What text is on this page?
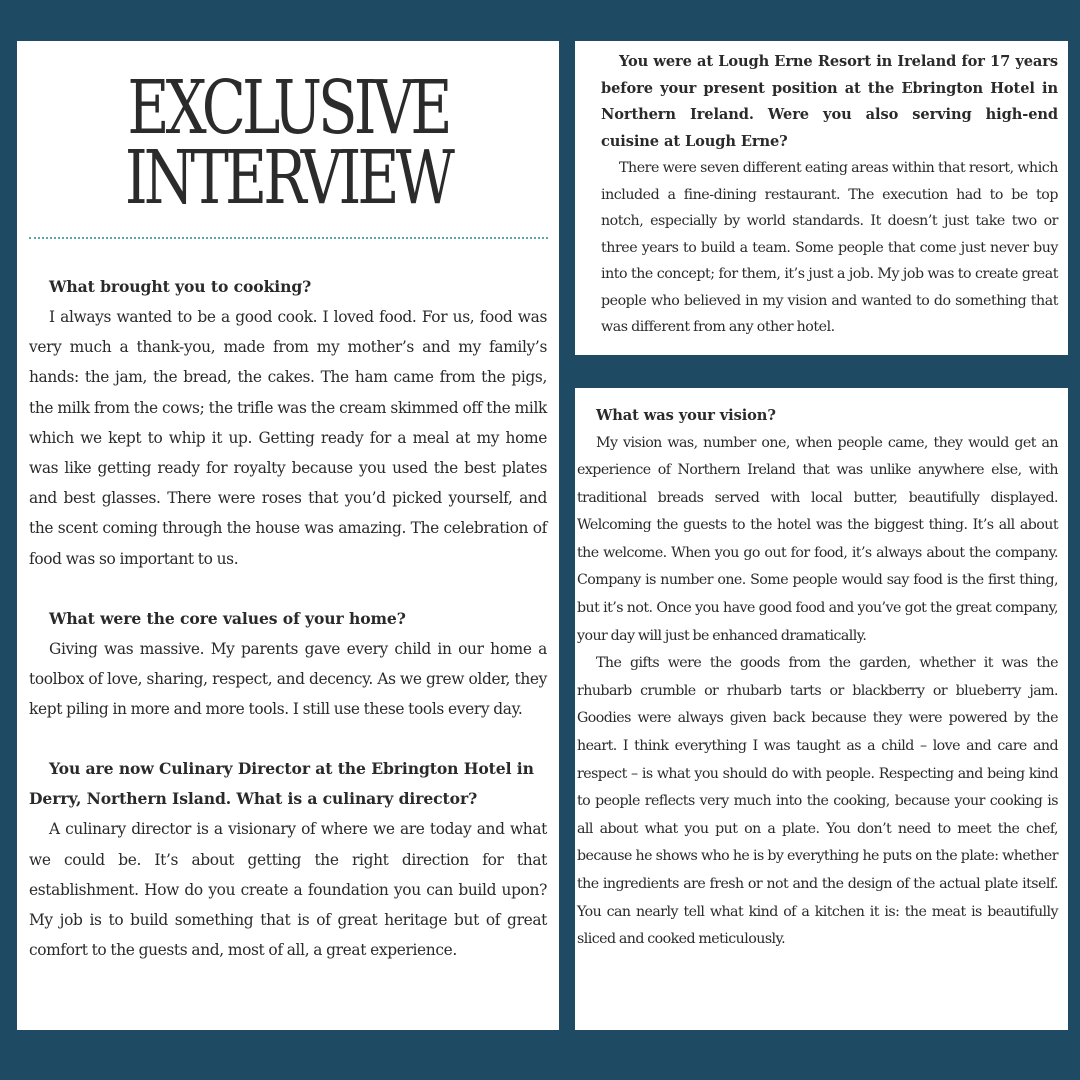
EXCLUSIVE
INTERVIEW

What brought you to cooking?

I always wanted to be a good cook. I loved food. For us, food was very much a thank-you, made from my mother’s and my family’s hands: the jam, the bread, the cakes. The ham came from the pigs, the milk from the cows; the trifle was the cream skimmed off the milk which we kept to whip it up. Getting ready for a meal at my home was like getting ready for royalty because you used the best plates and best glasses. There were roses that you’d picked yourself, and the scent coming through the house was amazing. The celebration of food was so important to us.

What were the core values of your home?

Giving was massive. My parents gave every child in our home a toolbox of love, sharing, respect, and decency. As we grew older, they kept piling in more and more tools. I still use these tools every day.

You are now Culinary Director at the Ebrington Hotel in Derry, Northern Island. What is a culinary director?

A culinary director is a visionary of where we are today and what we could be. It’s about getting the right direction for that establishment. How do you create a foundation you can build upon? My job is to build something that is of great heritage but of great comfort to the guests and, most of all, a great experience.

You were at Lough Erne Resort in Ireland for 17 years before your present position at the Ebrington Hotel in Northern Ireland. Were you also serving high-end cuisine at Lough Erne?

There were seven different eating areas within that resort, which included a fine-dining restaurant. The execution had to be top notch, especially by world standards. It doesn’t just take two or three years to build a team. Some people that come just never buy into the concept; for them, it’s just a job. My job was to create great people who believed in my vision and wanted to do something that was different from any other hotel.

What was your vision?

My vision was, number one, when people came, they would get an experience of Northern Ireland that was unlike anywhere else, with traditional breads served with local butter, beautifully displayed. Welcoming the guests to the hotel was the biggest thing. It’s all about the welcome. When you go out for food, it’s always about the company. Company is number one. Some people would say food is the first thing, but it’s not. Once you have good food and you’ve got the great company, your day will just be enhanced dramatically.

The gifts were the goods from the garden, whether it was the rhubarb crumble or rhubarb tarts or blackberry or blueberry jam. Goodies were always given back because they were powered by the heart. I think everything I was taught as a child – love and care and respect – is what you should do with people. Respecting and being kind to people reflects very much into the cooking, because your cooking is all about what you put on a plate. You don’t need to meet the chef, because he shows who he is by everything he puts on the plate: whether the ingredients are fresh or not and the design of the actual plate itself. You can nearly tell what kind of a kitchen it is: the meat is beautifully sliced and cooked meticulously.
